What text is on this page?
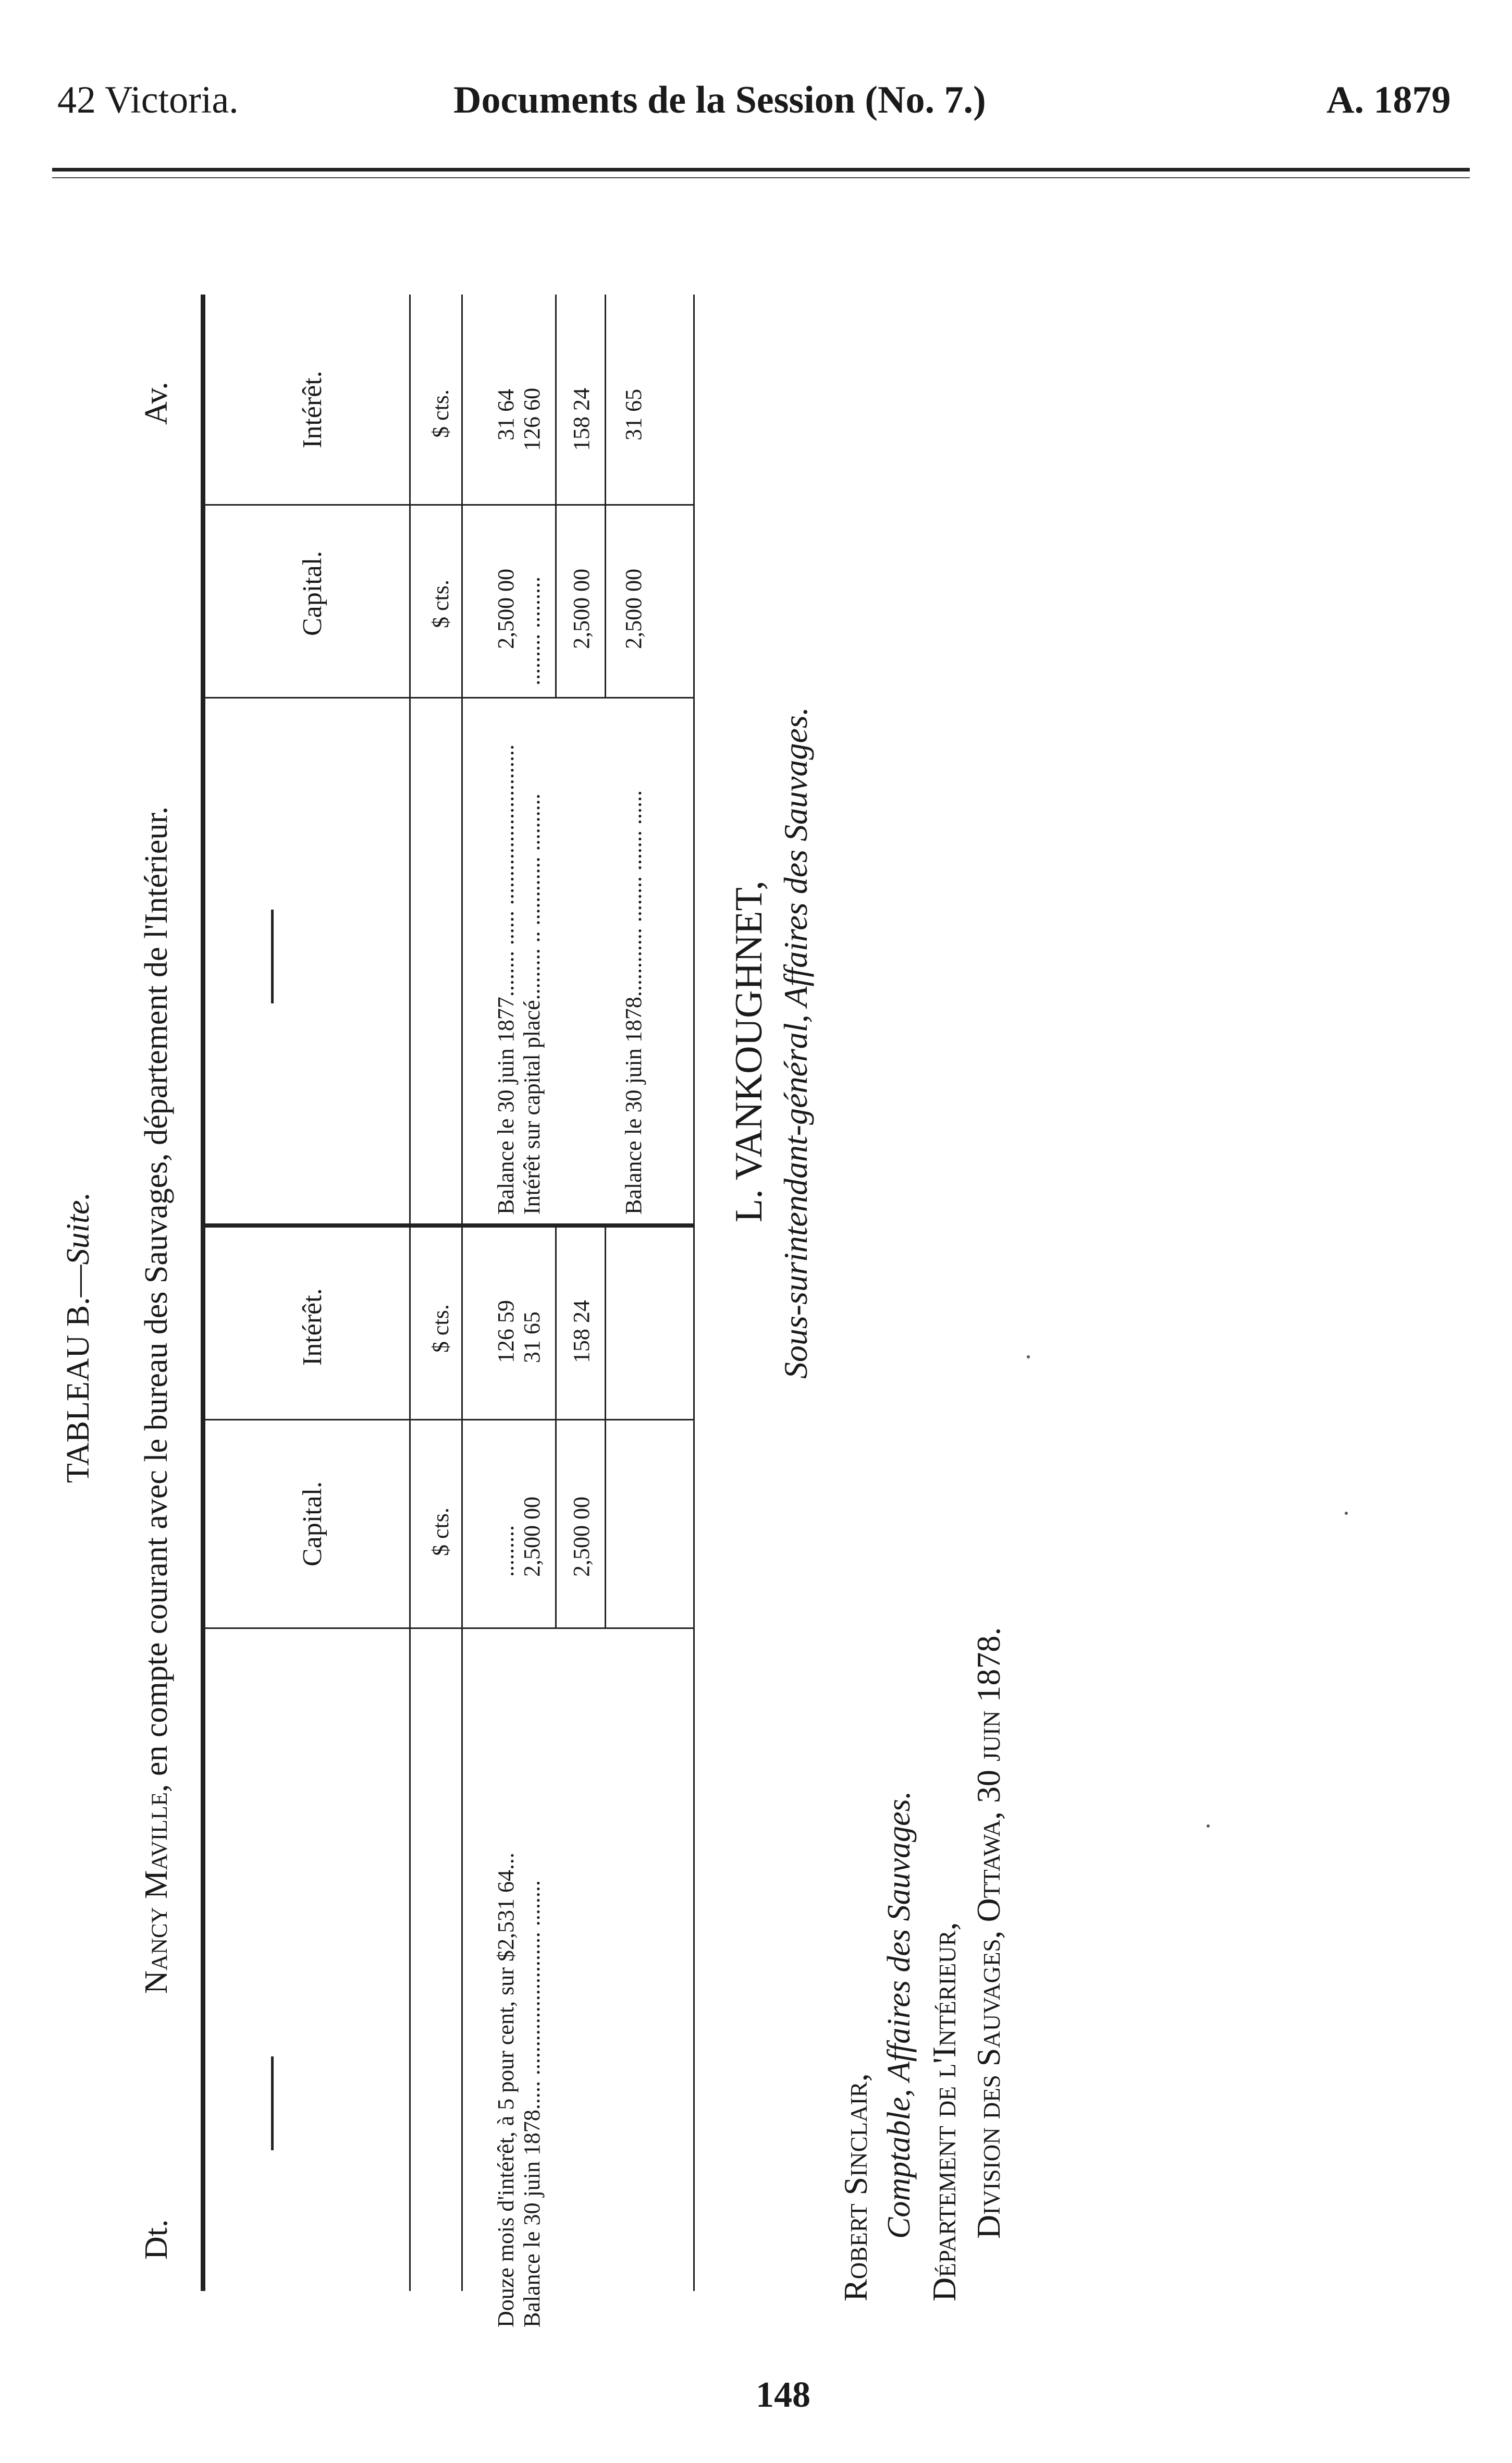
42 Victoria.	Documents de la Session (No. 7.)	A. 1879
TABLEAU B.—Suite.
Dt.
Nancy Maville, en compte courant avec le bureau des Sauvages, département de l'Intérieur.
Av.
Capital.
Intérêt.
$ cts.
$ cts.
Douze mois d'intérêt, à 5 pour cent, sur $2,531 64... Balance le 30 juin 1878..... ......................... ........
......... 2,500 00
126 59 31 65
2,500 00
158 24
Capital.
Intérêt.
$ cts.
$ cts.
Balance le 30 juin 1877........ ...... ............................ Intérêt sur capital placé......... .. ............ ..........
2,500 00 ......... .........
31 64 126 60
2,500 00
158 24
Balance le 30 juin 1878............ ........ ....... ......
2,500 00
31 65
L. VANKOUGHNET, Sous-surintendant-général, Affaires des Sauvages.
Robert Sinclair, Comptable, Affaires des Sauvages. Département de l'Intérieur, Division des Sauvages, Ottawa, 30 juin 1878.
148
